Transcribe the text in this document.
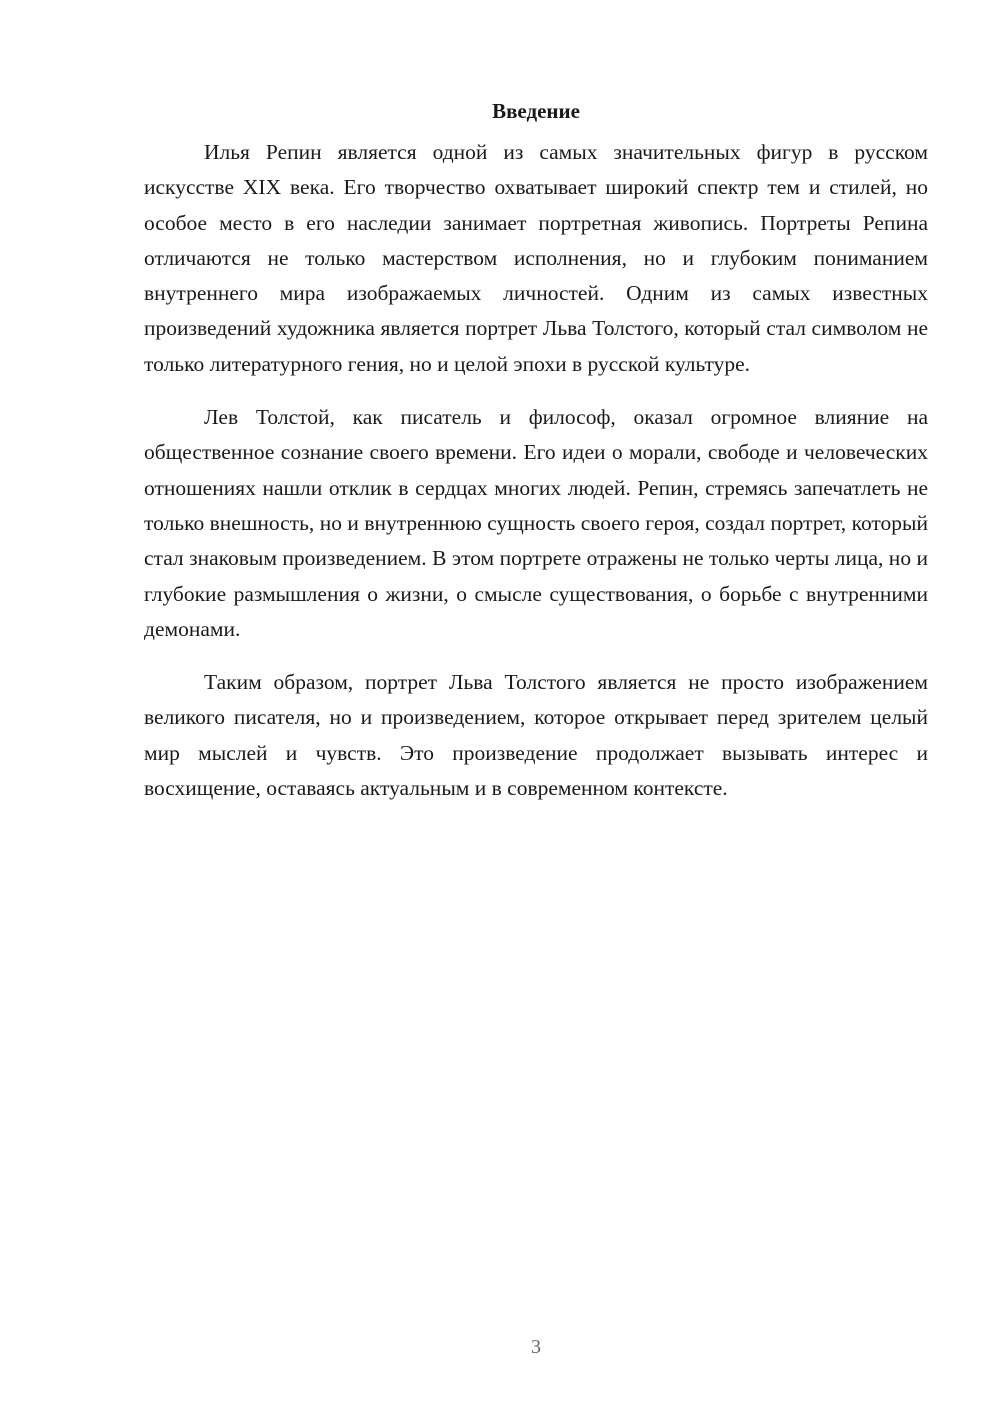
Введение

Илья Репин является одной из самых значительных фигур в русском искусстве XIX века. Его творчество охватывает широкий спектр тем и стилей, но особое место в его наследии занимает портретная живопись. Портреты Репина отличаются не только мастерством исполнения, но и глубоким пониманием внутреннего мира изображаемых личностей. Одним из самых известных произведений художника является портрет Льва Толстого, который стал символом не только литературного гения, но и целой эпохи в русской культуре.

Лев Толстой, как писатель и философ, оказал огромное влияние на общественное сознание своего времени. Его идеи о морали, свободе и человеческих отношениях нашли отклик в сердцах многих людей. Репин, стремясь запечатлеть не только внешность, но и внутреннюю сущность своего героя, создал портрет, который стал знаковым произведением. В этом портрете отражены не только черты лица, но и глубокие размышления о жизни, о смысле существования, о борьбе с внутренними демонами.

Таким образом, портрет Льва Толстого является не просто изображением великого писателя, но и произведением, которое открывает перед зрителем целый мир мыслей и чувств. Это произведение продолжает вызывать интерес и восхищение, оставаясь актуальным и в современном контексте.

3
